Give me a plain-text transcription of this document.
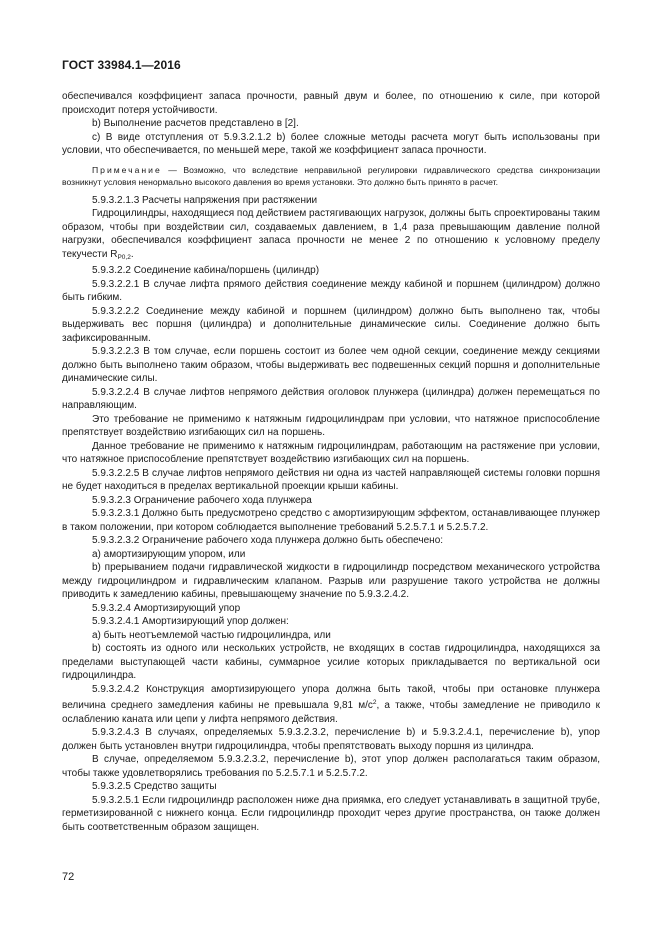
ГОСТ 33984.1—2016

обеспечивался коэффициент запаса прочности, равный двум и более, по отношению к силе, при которой происходит потеря устойчивости.

b) Выполнение расчетов представлено в [2].

c) В виде отступления от 5.9.3.2.1.2 b) более сложные методы расчета могут быть использованы при условии, что обеспечивается, по меньшей мере, такой же коэффициент запаса прочности.

Примечание — Возможно, что вследствие неправильной регулировки гидравлического средства синхронизации возникнут условия ненормально высокого давления во время установки. Это должно быть принято в расчет.

5.9.3.2.1.3 Расчеты напряжения при растяжении

Гидроцилиндры, находящиеся под действием растягивающих нагрузок, должны быть спроектированы таким образом, чтобы при воздействии сил, создаваемых давлением, в 1,4 раза превышающим давление полной нагрузки, обеспечивался коэффициент запаса прочности не менее 2 по отношению к условному пределу текучести $R_{P0,2}$.

5.9.3.2.2 Соединение кабина/поршень (цилиндр)

5.9.3.2.2.1 В случае лифта прямого действия соединение между кабиной и поршнем (цилиндром) должно быть гибким.

5.9.3.2.2.2 Соединение между кабиной и поршнем (цилиндром) должно быть выполнено так, чтобы выдерживать вес поршня (цилиндра) и дополнительные динамические силы. Соединение должно быть зафиксированным.

5.9.3.2.2.3 В том случае, если поршень состоит из более чем одной секции, соединение между секциями должно быть выполнено таким образом, чтобы выдерживать вес подвешенных секций поршня и дополнительные динамические силы.

5.9.3.2.2.4 В случае лифтов непрямого действия оголовок плунжера (цилиндра) должен перемещаться по направляющим.

Это требование не применимо к натяжным гидроцилиндрам при условии, что натяжное приспособление препятствует воздействию изгибающих сил на поршень.

Данное требование не применимо к натяжным гидроцилиндрам, работающим на растяжение при условии, что натяжное приспособление препятствует воздействию изгибающих сил на поршень.

5.9.3.2.2.5 В случае лифтов непрямого действия ни одна из частей направляющей системы головки поршня не будет находиться в пределах вертикальной проекции крыши кабины.

5.9.3.2.3 Ограничение рабочего хода плунжера

5.9.3.2.3.1 Должно быть предусмотрено средство с амортизирующим эффектом, останавливающее плунжер в таком положении, при котором соблюдается выполнение требований 5.2.5.7.1 и 5.2.5.7.2.

5.9.3.2.3.2 Ограничение рабочего хода плунжера должно быть обеспечено:

a) амортизирующим упором, или

b) прерыванием подачи гидравлической жидкости в гидроцилиндр посредством механического устройства между гидроцилиндром и гидравлическим клапаном. Разрыв или разрушение такого устройства не должны приводить к замедлению кабины, превышающему значение по 5.9.3.2.4.2.

5.9.3.2.4 Амортизирующий упор

5.9.3.2.4.1 Амортизирующий упор должен:

a) быть неотъемлемой частью гидроцилиндра, или

b) состоять из одного или нескольких устройств, не входящих в состав гидроцилиндра, находящихся за пределами выступающей части кабины, суммарное усилие которых прикладывается по вертикальной оси гидроцилиндра.

5.9.3.2.4.2 Конструкция амортизирующего упора должна быть такой, чтобы при остановке плунжера величина среднего замедления кабины не превышала 9,81 $м/с^2$, а также, чтобы замедление не приводило к ослаблению каната или цепи у лифта непрямого действия.

5.9.3.2.4.3 В случаях, определяемых 5.9.3.2.3.2, перечисление b) и 5.9.3.2.4.1, перечисление b), упор должен быть установлен внутри гидроцилиндра, чтобы препятствовать выходу поршня из цилиндра.

В случае, определяемом 5.9.3.2.3.2, перечисление b), этот упор должен располагаться таким образом, чтобы также удовлетворялись требования по 5.2.5.7.1 и 5.2.5.7.2.

5.9.3.2.5 Средство защиты

5.9.3.2.5.1 Если гидроцилиндр расположен ниже дна приямка, его следует устанавливать в защитной трубе, герметизированной с нижнего конца. Если гидроцилиндр проходит через другие пространства, он также должен быть соответственным образом защищен.

72
